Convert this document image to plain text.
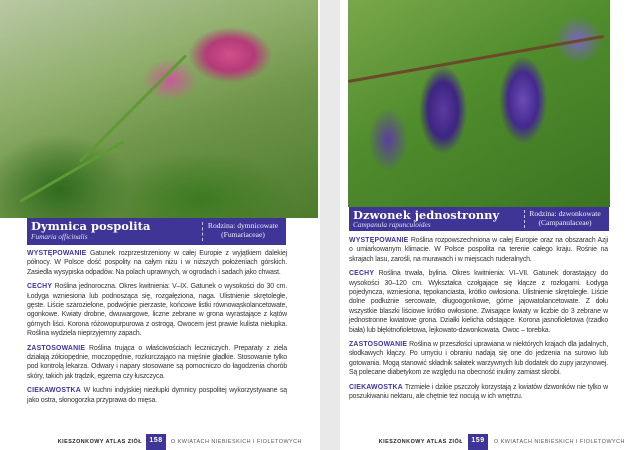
Dymnica pospolita
Fumaria officinalis
Rodzina: dymnicowate
(Fumariaceae)

WYSTĘPOWANIE Gatunek rozprzestrzeniony w całej Europie z wyjątkiem dalekiej północy. W Polsce dość pospolity na całym niżu i w niższych położeniach górskich. Zasiedla wysypiska odpadów. Na polach uprawnych, w ogrodach i sadach jako chwast.

CECHY Roślina jednoroczna. Okres kwitnienia: V–IX. Gatunek o wysokości do 30 cm. Łodyga wzniesiona lub podnosząca się, rozgałęziona, naga. Ulistnienie skrętoległe, gęste. Liście szarozielone, podwójnie pierzaste, końcowe listki równowąskolancetowate, ogonkowe. Kwiaty drobne, dwuwargowe, liczne zebrane w grona wyrastające z kątów górnych liści. Korona różowopurpurowa z ostrogą. Owocem jest prawie kulista niełupka. Roślina wydziela nieprzyjemny zapach.

ZASTOSOWANIE Roślina trująca o właściwościach leczniczych. Preparaty z ziela działają żółciopędnie, moczopędnie, rozkurczająco na mięśnie gładkie. Stosowanie tylko pod kontrolą lekarza. Odwary i napary stosowane są pomocniczo do łagodzenia chorób skóry, takich jak trądzik, egzema czy łuszczyca.

CIEKAWOSTKA W kuchni indyjskiej niezłupki dymnicy pospolitej wykorzystywane są jako ostra, słonogorzka przyprawa do mięsa.

KIESZONKOWY ATLAS ZIÓŁ	158	O KWIATACH NIEBIESKICH I FIOLETOWYCH
Dzwonek jednostronny
Campanula rapunculoides
Rodzina: dzwonkowate
(Campanulaceae)

WYSTĘPOWANIE Roślina rozpowszechniona w całej Europie oraz na obszarach Azji o umiarkowanym klimacie. W Polsce pospolita na terenie całego kraju. Rośnie na skrajach lasu, zarośli, na murawach i w miejscach ruderalnych.

CECHY Roślina trwała, bylina. Okres kwitnienia: VI–VII. Gatunek dorastający do wysokości 30–120 cm. Wykształca czołgające się kłącze z rozłogami. Łodyga pojedyncza, wzniesiona, tępokanciasta, krótko owłosiona. Ulistnienie skrętoległe. Liście dolne podłużnie sercowate, długoogonkowe, górne jajowatolancetowate. Z dołu wszystkie blaszki liściowe krótko owłosione. Zwisające kwiaty w liczbie do 3 zebrane w jednostronne kwiatowe grona. Działki kielicha odstające. Korona jasnofioletowa (rzadko biała) lub błękitnofioletowa, lejkowato-dzwonkowata. Owoc – torebka.

ZASTOSOWANIE Roślina w przeszłości uprawiana w niektórych krajach dla jadalnych, słodkawych kłączy. Po umyciu i obraniu nadają się one do jedzenia na surowo lub gotowania. Mogą stanowić składnik sałatek warzywnych lub dodatek do zupy jarzynowej. Są polecane diabetykom ze względu na obecność inuliny zamiast skrobi.

CIEKAWOSTKA Trzmiele i dzikie pszczoły korzystają z kwiatów dzwonków nie tylko w poszukiwaniu nektaru, ale chętnie też nocują w ich wnętrzu.

KIESZONKOWY ATLAS ZIÓŁ	159	O KWIATACH NIEBIESKICH I FIOLETOWYCH
